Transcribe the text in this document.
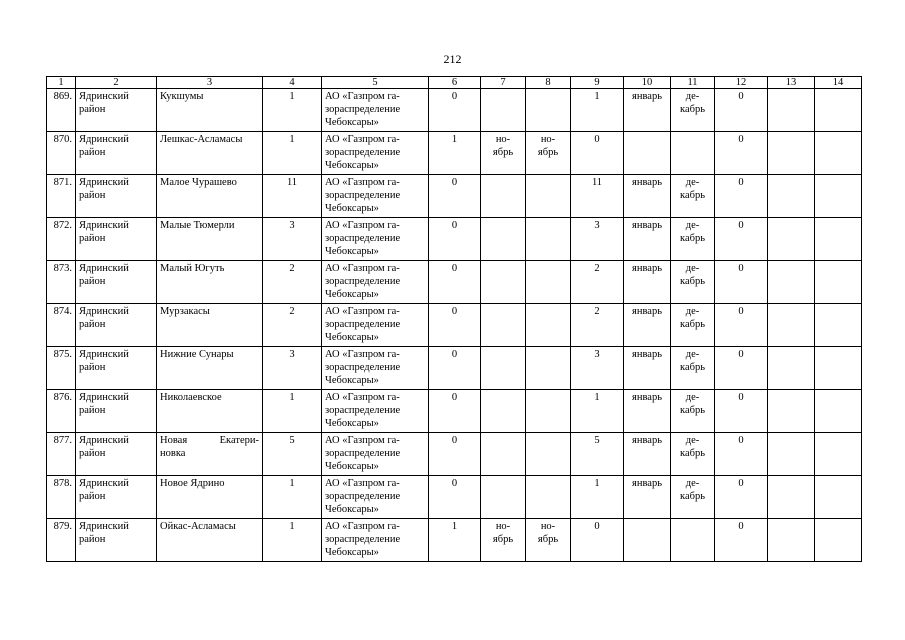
212
1	2	3	4	5	6	7	8	9	10	11	12	13	14

869.	Ядринский
район	Кукшумы	1	АО «Газпром га-
зораспределение
Чебоксары»	0			1	январь	де-
кабрь	0		

870.	Ядринский
район	Лешкас-Асламасы	1	АО «Газпром га-
зораспределение
Чебоксары»	1	но-
ябрь	но-
ябрь	0			0		

871.	Ядринский
район	Малое Чурашево	11	АО «Газпром га-
зораспределение
Чебоксары»	0			11	январь	де-
кабрь	0		

872.	Ядринский
район	Малые Тюмерли	3	АО «Газпром га-
зораспределение
Чебоксары»	0			3	январь	де-
кабрь	0		

873.	Ядринский
район	Малый Югуть	2	АО «Газпром га-
зораспределение
Чебоксары»	0			2	январь	де-
кабрь	0		

874.	Ядринский
район	Мурзакасы	2	АО «Газпром га-
зораспределение
Чебоксары»	0			2	январь	де-
кабрь	0		

875.	Ядринский
район	Нижние Сунары	3	АО «Газпром га-
зораспределение
Чебоксары»	0			3	январь	де-
кабрь	0		

876.	Ядринский
район	Николаевское	1	АО «Газпром га-
зораспределение
Чебоксары»	0			1	январь	де-
кабрь	0		

877.	Ядринский
район	Новая Екатери-
новка	5	АО «Газпром га-
зораспределение
Чебоксары»	0			5	январь	де-
кабрь	0		

878.	Ядринский
район	Новое Ядрино	1	АО «Газпром га-
зораспределение
Чебоксары»	0			1	январь	де-
кабрь	0		

879.	Ядринский
район	Ойкас-Асламасы	1	АО «Газпром га-
зораспределение
Чебоксары»	1	но-
ябрь	но-
ябрь	0			0		
